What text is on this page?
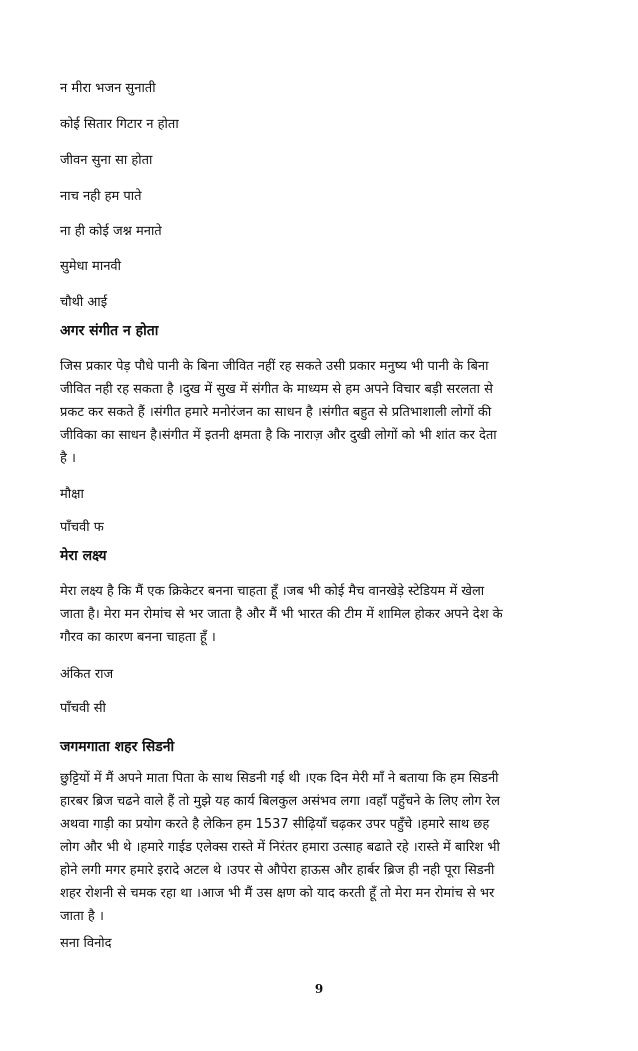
न मीरा भजन सुनाती
कोई सितार गिटार न होता
जीवन सुना सा होता
नाच नही हम पाते
ना ही कोई जश्न मनाते
सुमेधा मानवी
चौथी आई
अगर संगीत न होता
जिस प्रकार पेड़ पौधे पानी के बिना जीवित नहीं रह सकते उसी प्रकार मनुष्य भी पानी के बिना
जीवित नही रह सकता है ।दुख में सुख में संगीत के माध्यम से हम अपने विचार बड़ी सरलता से
प्रकट कर सकते हैं ।संगीत हमारे मनोरंजन का साधन है ।संगीत बहुत से प्रतिभाशाली लोगों की
जीविका का साधन है।संगीत में इतनी क्षमता है कि नाराज़ और दुखी लोगों को भी शांत कर देता
है ।
मौक्षा
पाँचवी फ
मेरा लक्ष्य
मेरा लक्ष्य है कि मैं एक क्रिकेटर बनना चाहता हूँ ।जब भी कोई मैच वानखेड़े स्टेडियम में खेला
जाता है। मेरा मन रोमांच से भर जाता है और मैं भी भारत की टीम में शामिल होकर अपने देश के
गौरव का कारण बनना चाहता हूँ ।
अंकित राज
पाँचवी सी
जगमगाता शहर सिडनी
छुट्टियों में मैं अपने माता पिता के साथ सिडनी गई थी ।एक दिन मेरी माँ ने बताया कि हम सिडनी
हारबर ब्रिज चढने वाले हैं तो मुझे यह कार्य बिलकुल असंभव लगा ।वहाँ पहुँचने के लिए लोग रेल
अथवा गाड़ी का प्रयोग करते है लेकिन हम 1537 सीढ़ियाँ चढ़कर उपर पहुँचे ।हमारे साथ छह
लोग और भी थे ।हमारे गाईड एलेक्स रास्ते में निरंतर हमारा उत्साह बढाते रहे ।रास्ते में बारिश भी
होने लगी मगर हमारे इरादे अटल थे ।उपर से औपेरा हाऊस और हार्बर ब्रिज ही नही पूरा सिडनी
शहर रोशनी से चमक रहा था ।आज भी मैं उस क्षण को याद करती हूँ तो मेरा मन रोमांच से भर
जाता है ।
सना विनोद
9
